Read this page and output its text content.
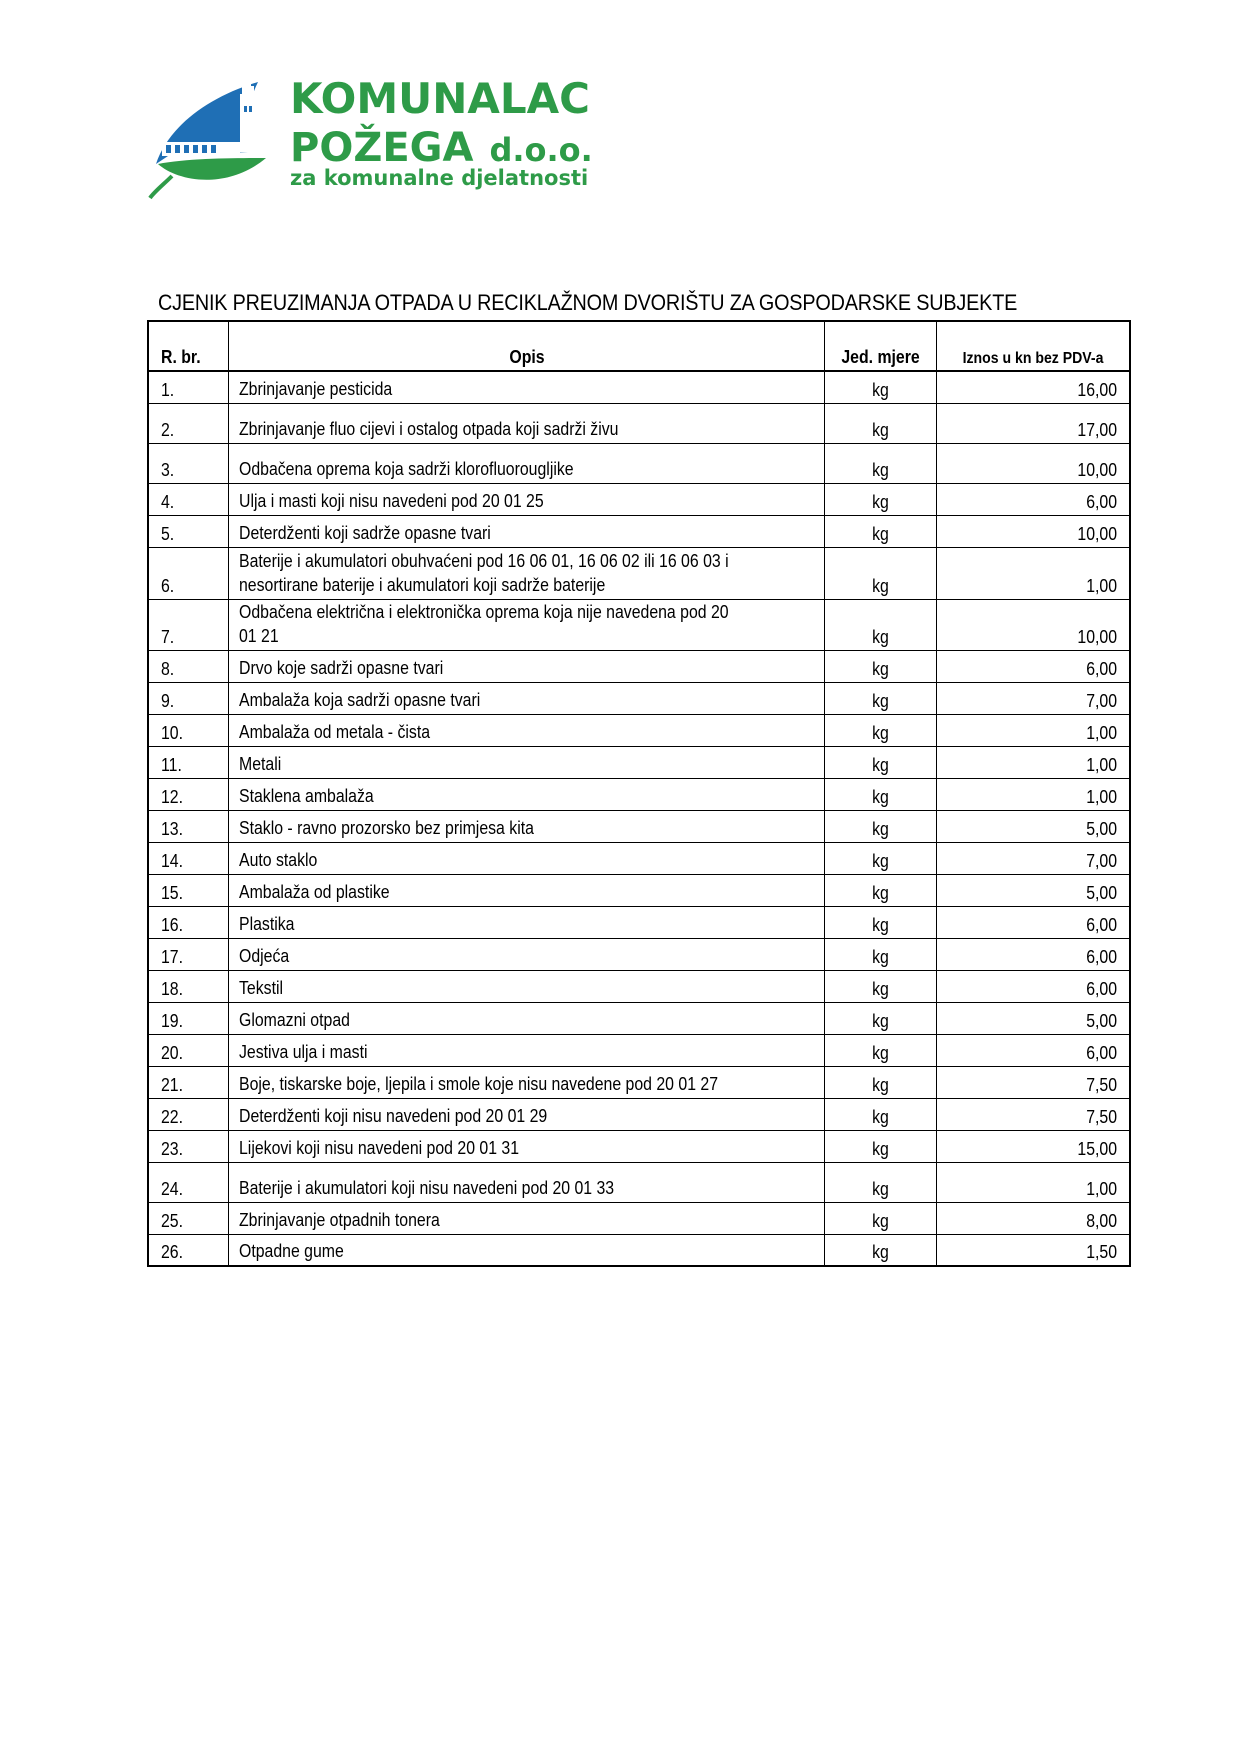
KOMUNALAC
POŽEGA d.o.o.
za komunalne djelatnosti
CJENIK PREUZIMANJA OTPADA U RECIKLAŽNOM DVORIŠTU ZA GOSPODARSKE SUBJEKTE
R. br.	Opis	Jed. mjere	Iznos u kn bez PDV-a
1.	Zbrinjavanje pesticida	kg	16,00
2.	Zbrinjavanje fluo cijevi i ostalog otpada koji sadrži živu	kg	17,00
3.	Odbačena oprema koja sadrži klorofluorougljike	kg	10,00
4.	Ulja i masti koji nisu navedeni pod 20 01 25	kg	6,00
5.	Deterdženti koji sadrže opasne tvari	kg	10,00
6.	Baterije i akumulatori obuhvaćeni pod 16 06 01, 16 06 02 ili 16 06 03 i
nesortirane baterije i akumulatori koji sadrže baterije	kg	1,00
7.	Odbačena električna i elektronička oprema koja nije navedena pod 20 01 21	kg	10,00
8.	Drvo koje sadrži opasne tvari	kg	6,00
9.	Ambalaža koja sadrži opasne tvari	kg	7,00
10.	Ambalaža od metala - čista	kg	1,00
11.	Metali	kg	1,00
12.	Staklena ambalaža	kg	1,00
13.	Staklo - ravno prozorsko bez primjesa kita	kg	5,00
14.	Auto staklo	kg	7,00
15.	Ambalaža od plastike	kg	5,00
16.	Plastika	kg	6,00
17.	Odjeća	kg	6,00
18.	Tekstil	kg	6,00
19.	Glomazni otpad	kg	5,00
20.	Jestiva ulja i masti	kg	6,00
21.	Boje, tiskarske boje, ljepila i smole koje nisu navedene pod 20 01 27	kg	7,50
22.	Deterdženti koji nisu navedeni pod 20 01 29	kg	7,50
23.	Lijekovi koji nisu navedeni pod 20 01 31	kg	15,00
24.	Baterije i akumulatori koji nisu navedeni pod 20 01 33	kg	1,00
25.	Zbrinjavanje otpadnih tonera	kg	8,00
26.	Otpadne gume	kg	1,50
